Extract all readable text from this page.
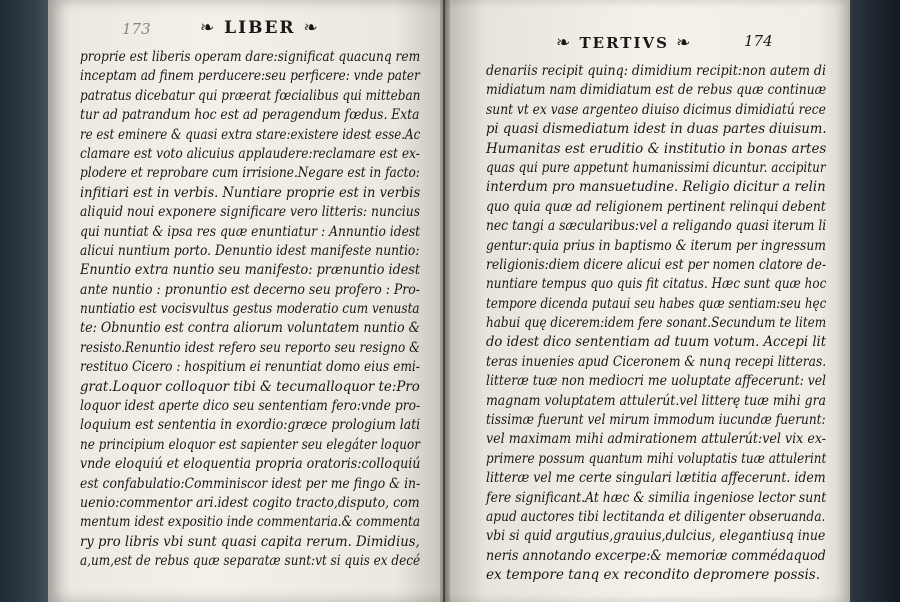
173	❧ LIBER ❧
❧ TERTIVS ❧	174
proprie est liberis operam dare:significat quacunq rem
inceptam ad finem perducere:seu perficere: vnde pater
patratus dicebatur qui præerat fœcialibus qui mitteban
tur ad patrandum hoc est ad peragendum fœdus. Exta
re est eminere & quasi extra stare:existere idest esse.Ac
clamare est voto alicuius applaudere:reclamare est ex-
plodere et reprobare cum irrisione.Negare est in facto:
infitiari est in verbis. Nuntiare proprie est in verbis
aliquid noui exponere significare vero litteris: nuncius
qui nuntiat & ipsa res quæ enuntiatur : Annuntio idest
alicui nuntium porto. Denuntio idest manifeste nuntio:
Enuntio extra nuntio seu manifesto: prænuntio idest
ante nuntio : pronuntio est decerno seu profero : Pro-
nuntiatio est vocisvultus gestus moderatio cum venusta
te: Obnuntio est contra aliorum voluntatem nuntio &
resisto.Renuntio idest refero seu reporto seu resigno &
restituo Cicero : hospitium ei renuntiat domo eius emi-
grat.Loquor colloquor tibi & tecumalloquor te:Pro
loquor idest aperte dico seu sententiam fero:vnde pro-
loquium est sententia in exordio:græce prologium lati
ne principium eloquor est sapienter seu elegáter loquor
vnde eloquiú et eloquentia propria oratoris:colloquiú
est confabulatio:Comminiscor idest per me fingo & in-
uenio:commentor ari.idest cogito tracto,disputo, com
mentum idest expositio inde commentaria.& commenta
ry pro libris vbi sunt quasi capita rerum. Dimidius,
a,um,est de rebus quæ separatæ sunt:vt si quis ex decé
denariis recipit quinq: dimidium recipit:non autem di
midiatum nam dimidiatum est de rebus quæ continuæ
sunt vt ex vase argenteo diuiso dicimus dimidiatú rece
pi quasi dismediatum idest in duas partes diuisum.
Humanitas est eruditio & institutio in bonas artes
quas qui pure appetunt humanissimi dicuntur. accipitur
interdum pro mansuetudine. Religio dicitur a relin
quo quia quæ ad religionem pertinent relinqui debent
nec tangi a sæcularibus:vel a religando quasi iterum li
gentur:quia prius in baptismo & iterum per ingressum
religionis:diem dicere alicui est per nomen clatore de-
nuntiare tempus quo quis fit citatus. Hæc sunt quæ hoc
tempore dicenda putaui seu habes quæ sentiam:seu hęc
habui quę dicerem:idem fere sonant.Secundum te litem
do idest dico sententiam ad tuum votum. Accepi lit
teras inuenies apud Ciceronem & nunq recepi litteras.
litteræ tuæ non mediocri me uoluptate affecerunt: vel
magnam voluptatem attulerút.vel litterę tuæ mihi gra
tissimæ fuerunt vel mirum immodum iucundæ fuerunt:
vel maximam mihi admirationem attulerút:vel vix ex-
primere possum quantum mihi voluptatis tuæ attulerint
litteræ vel me certe singulari lætitia affecerunt. idem
fere significant.At hæc & similia ingeniose lector sunt
apud auctores tibi lectitanda et diligenter obseruanda.
vbi si quid argutius,grauius,dulcius, elegantiusq inue
neris annotando excerpe:& memoriæ commédaquod
ex tempore tanq ex recondito depromere possis.
